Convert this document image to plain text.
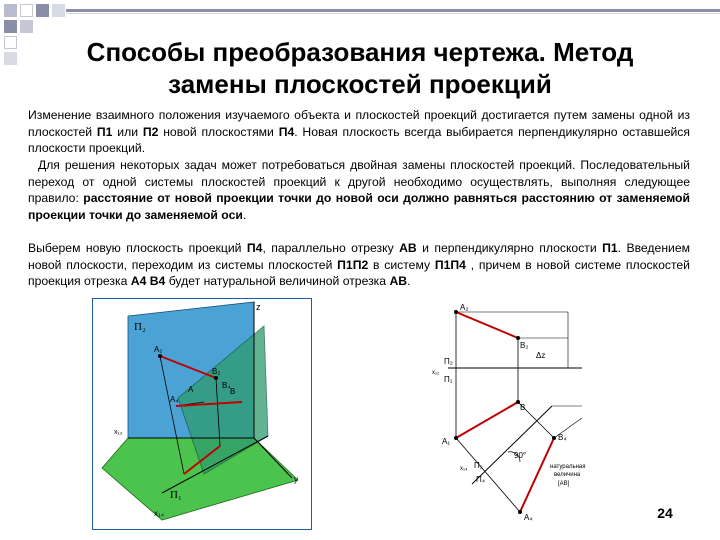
Способы преобразования чертежа. Метод
замены плоскостей проекций
Изменение взаимного положения изучаемого объекта и плоскостей проекций достигается путем замены одной из плоскостей П1 или П2 новой плоскостями П4. Новая плоскость всегда выбирается перпендикулярно оставшейся плоскости проекций.
Для решения некоторых задач может потребоваться двойная замены плоскостей проекций. Последовательный переход от одной системы плоскостей проекций к другой необходимо осуществлять, выполняя следующее правило: расстояние от новой проекции точки до новой оси должно равняться расстоянию от заменяемой проекции точки до заменяемой оси.
Выберем новую плоскость проекций П4, параллельно отрезку АВ и перпендикулярно плоскости П1. Введением новой плоскости, переходим из системы плоскостей П1П2 в систему П1П4 , причем в новой системе плоскостей проекция отрезка А4 В4 будет натуральной величиной отрезка АВ.
z
П₂
A₂
B₂
B₄
A₄
A	B
x₁₂
П₁
y
x₁₄
A₂
B₂
П₂
П₁
x₁₂
Δz
B
A₁	B₄
A₄
90°
x₁₄ П₁
П₄
натуральная
величина
[AB]
24
